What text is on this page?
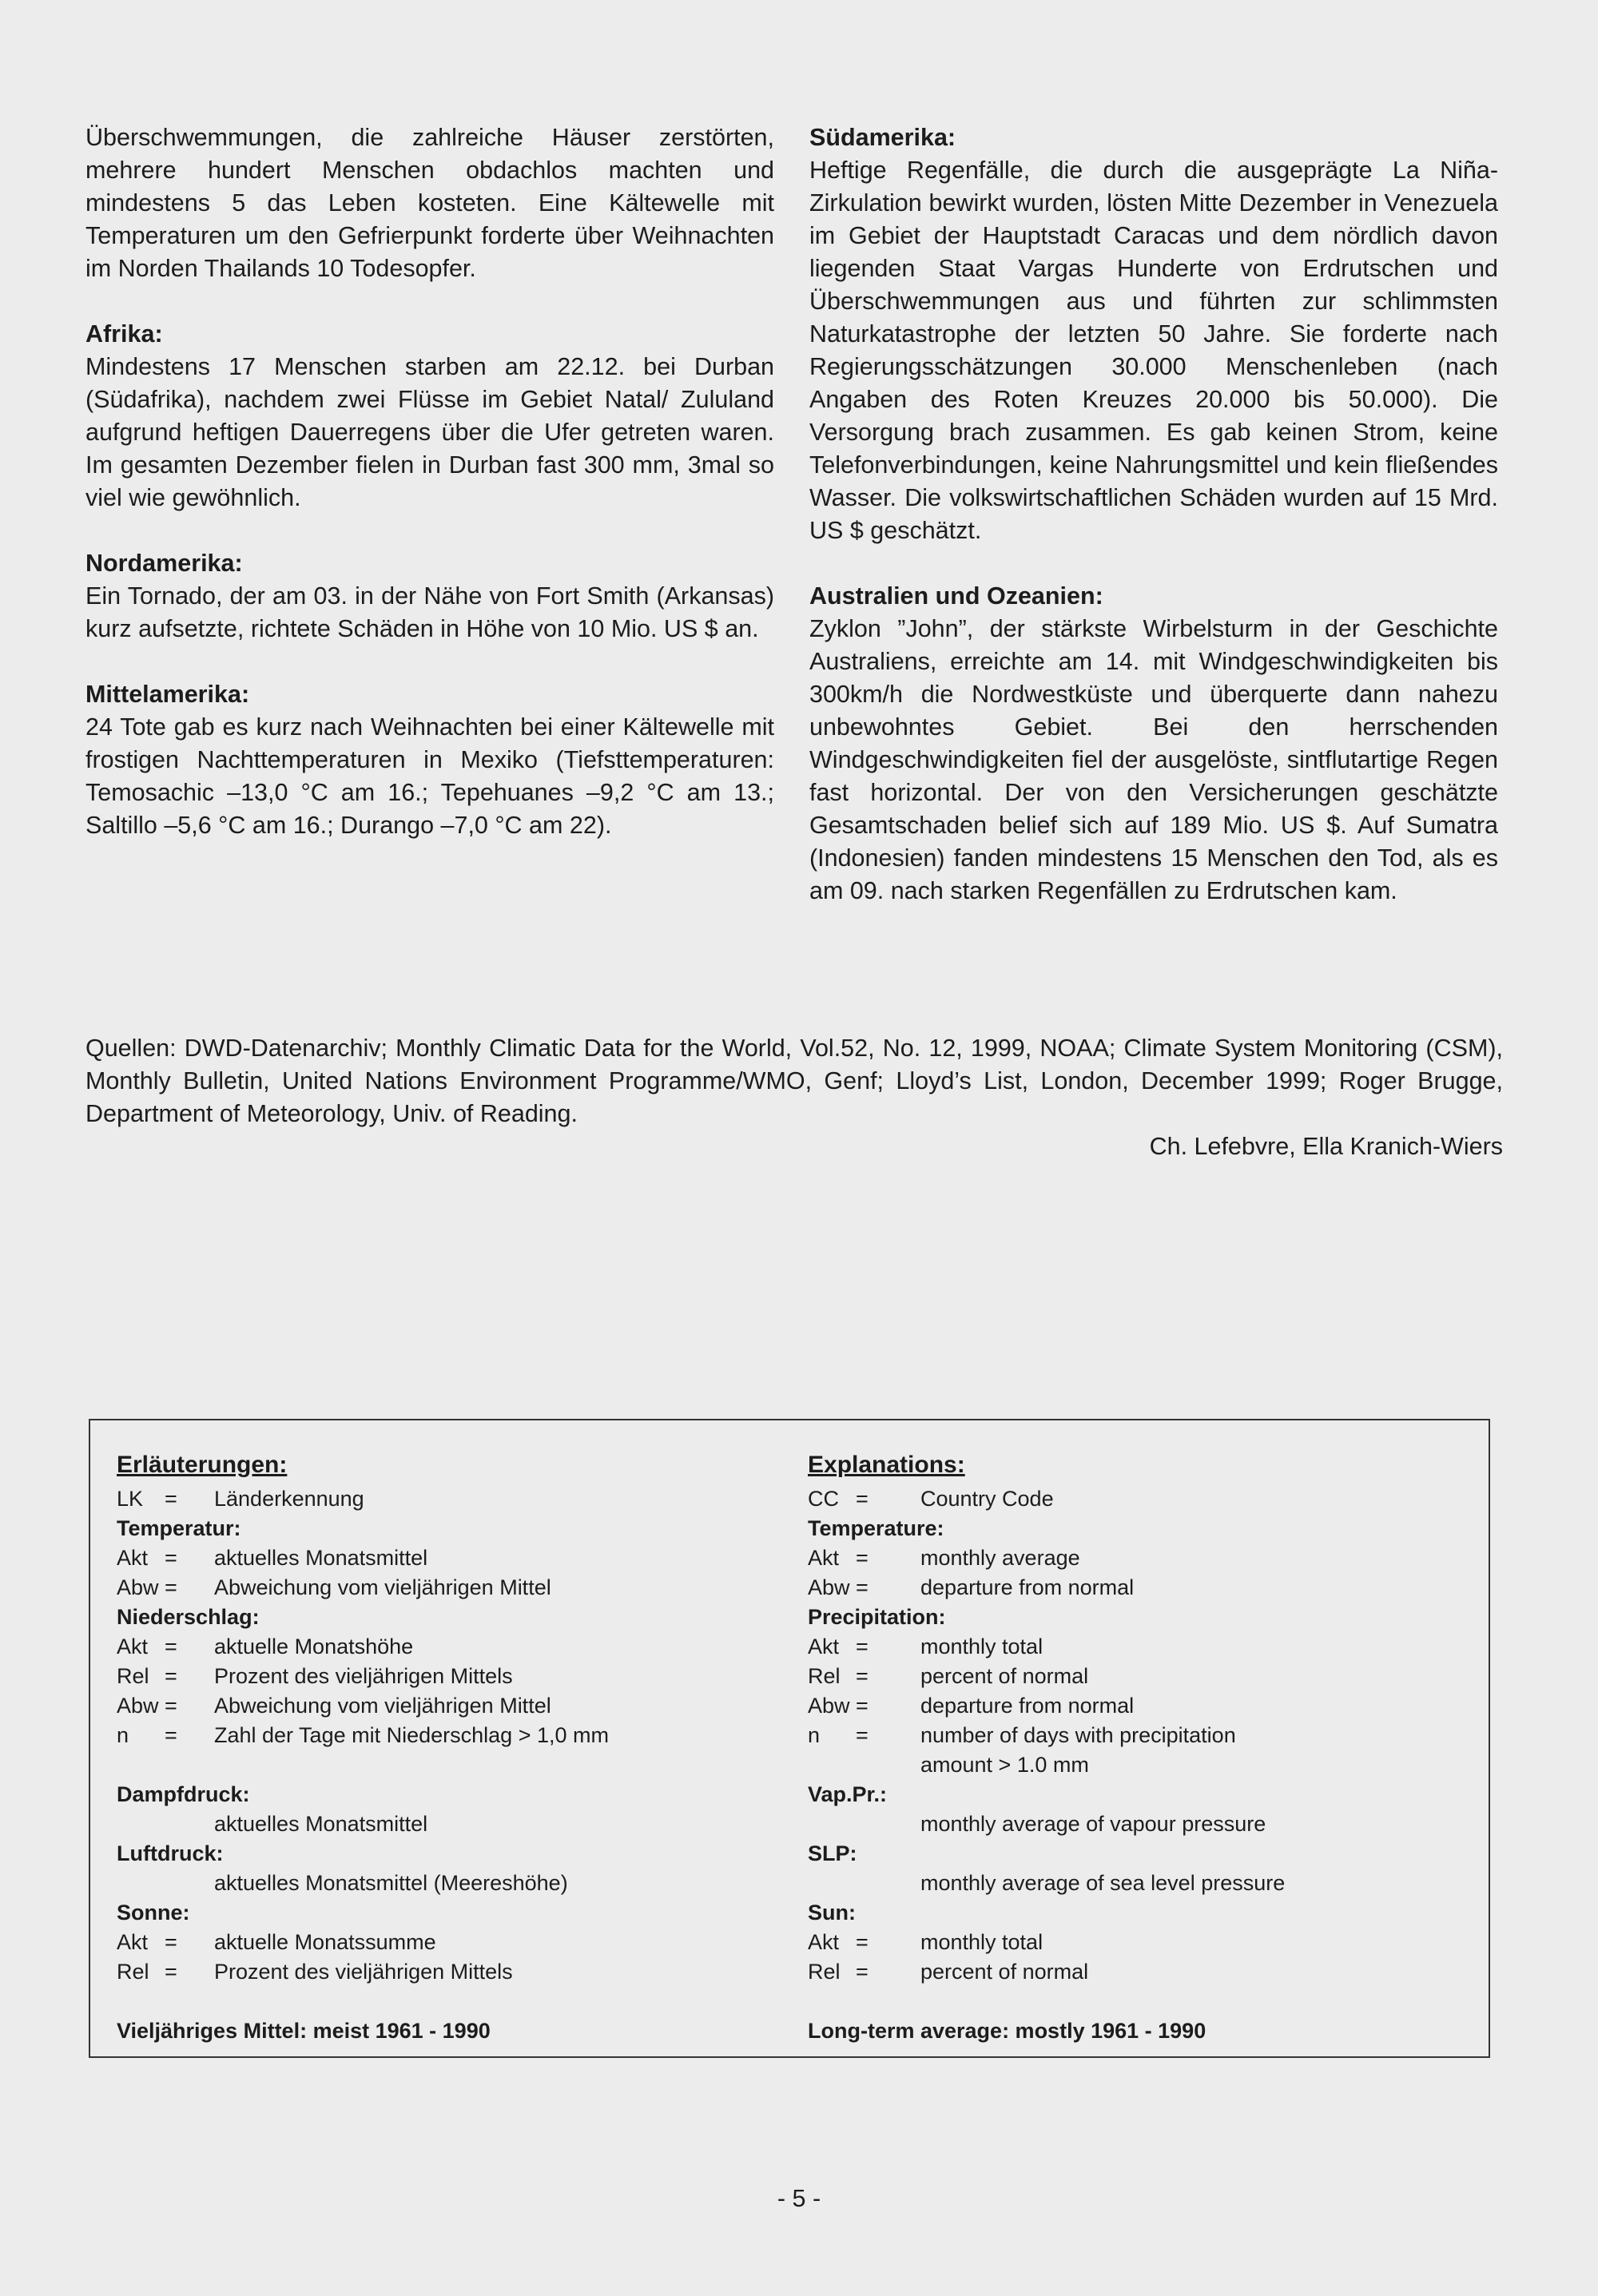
Überschwemmungen, die zahlreiche Häuser zerstörten, mehrere hundert Menschen obdachlos machten und mindestens 5 das Leben kosteten. Eine Kältewelle mit Temperaturen um den Gefrierpunkt forderte über Weihnachten im Norden Thailands 10 Todesopfer.

Afrika:

Mindestens 17 Menschen starben am 22.12. bei Durban (Südafrika), nachdem zwei Flüsse im Gebiet Natal/ Zululand aufgrund heftigen Dauerregens über die Ufer getreten waren. Im gesamten Dezember fielen in Durban fast 300 mm, 3mal so viel wie gewöhnlich.

Nordamerika:

Ein Tornado, der am 03. in der Nähe von Fort Smith (Arkansas) kurz aufsetzte, richtete Schäden in Höhe von 10 Mio. US $ an.

Mittelamerika:

24 Tote gab es kurz nach Weihnachten bei einer Kältewelle mit frostigen Nachttemperaturen in Mexiko (Tiefsttemperaturen: Temosachic –13,0 °C am 16.; Tepehuanes –9,2 °C am 13.; Saltillo –5,6 °C am 16.; Durango –7,0 °C am 22).

Südamerika:

Heftige Regenfälle, die durch die ausgeprägte La Niña-Zirkulation bewirkt wurden, lösten Mitte Dezember in Venezuela im Gebiet der Hauptstadt Caracas und dem nördlich davon liegenden Staat Vargas Hunderte von Erdrutschen und Überschwemmungen aus und führten zur schlimmsten Naturkatastrophe der letzten 50 Jahre. Sie forderte nach Regierungsschätzungen 30.000 Menschenleben (nach Angaben des Roten Kreuzes 20.000 bis 50.000). Die Versorgung brach zusammen. Es gab keinen Strom, keine Telefonverbindungen, keine Nahrungsmittel und kein fließendes Wasser. Die volkswirtschaftlichen Schäden wurden auf 15 Mrd. US $ geschätzt.

Australien und Ozeanien:

Zyklon ”John”, der stärkste Wirbelsturm in der Geschichte Australiens, erreichte am 14. mit Windgeschwindigkeiten bis 300km/h die Nordwestküste und überquerte dann nahezu unbewohntes Gebiet. Bei den herrschenden Windgeschwindigkeiten fiel der ausgelöste, sintflutartige Regen fast horizontal. Der von den Versicherungen geschätzte Gesamtschaden belief sich auf 189 Mio. US $. Auf Sumatra (Indonesien) fanden mindestens 15 Menschen den Tod, als es am 09. nach starken Regenfällen zu Erdrutschen kam.

Quellen: DWD-Datenarchiv; Monthly Climatic Data for the World, Vol.52, No. 12, 1999, NOAA; Climate System Monitoring (CSM), Monthly Bulletin, United Nations Environment Programme/WMO, Genf; Lloyd’s List, London, December 1999; Roger Brugge, Department of Meteorology, Univ. of Reading.

Ch. Lefebvre, Ella Kranich-Wiers
Erläuterungen:
LK =	Länderkennung
Temperatur:
Akt =	aktuelles Monatsmittel
Abw =	Abweichung vom vieljährigen Mittel
Niederschlag:
Akt =	aktuelle Monatshöhe
Rel =	Prozent des vieljährigen Mittels
Abw =	Abweichung vom vieljährigen Mittel
n	=	Zahl der Tage mit Niederschlag > 1,0 mm
Dampfdruck:
aktuelles Monatsmittel
Luftdruck:
aktuelles Monatsmittel (Meereshöhe)
Sonne:
Akt =	aktuelle Monatssumme
Rel =	Prozent des vieljährigen Mittels
Vieljähriges Mittel: meist 1961 - 1990
Explanations:
CC =	Country Code
Temperature:
Akt =	monthly average
Abw =	departure from normal
Precipitation:
Akt =	monthly total
Rel =	percent of normal
Abw =	departure from normal
n	=	number of days with precipitation
amount > 1.0 mm
Vap.Pr.:
monthly average of vapour pressure
SLP:
monthly average of sea level pressure
Sun:
Akt =	monthly total
Rel =	percent of normal
Long-term average: mostly 1961 - 1990
- 5 -
